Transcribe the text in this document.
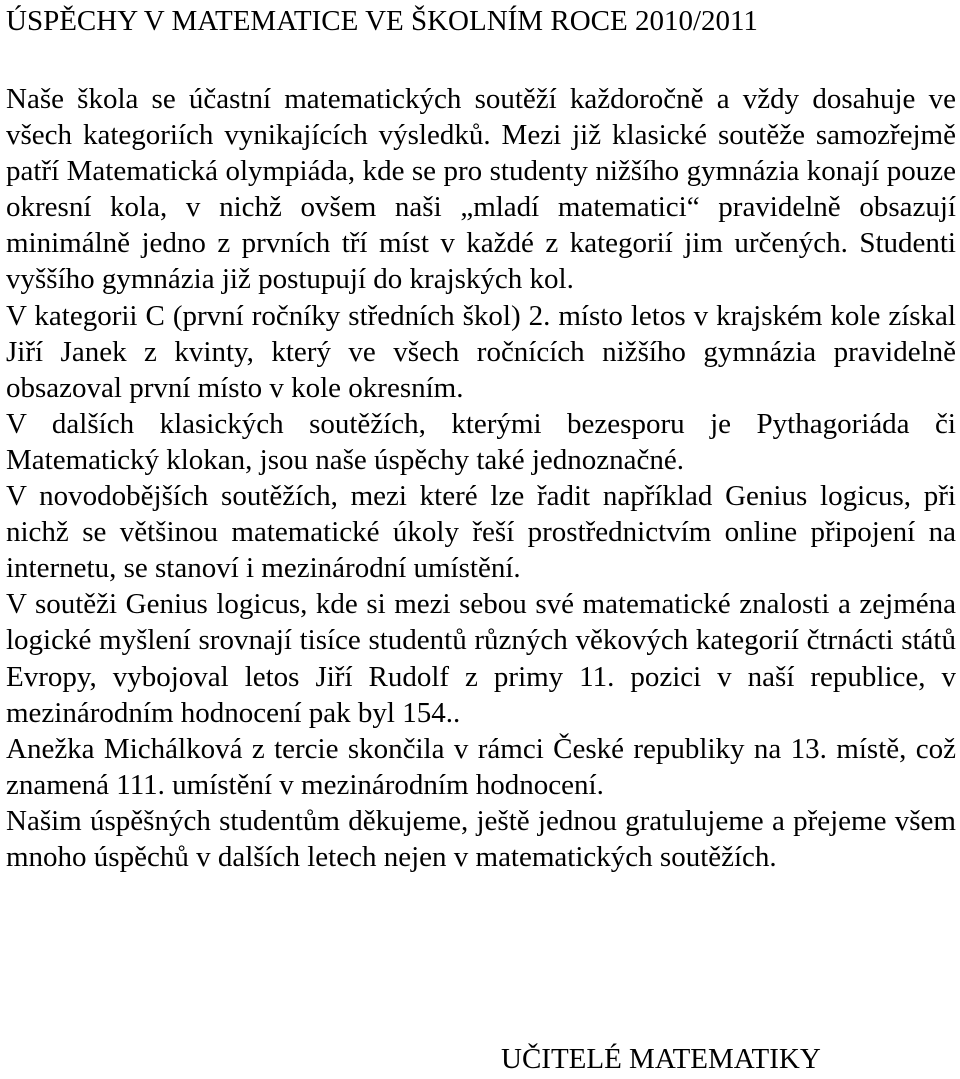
ÚSPĚCHY V MATEMATICE VE ŠKOLNÍM ROCE 2010/2011

Naše škola se účastní matematických soutěží každoročně a vždy dosahuje ve všech kategoriích vynikajících výsledků. Mezi již klasické soutěže samozřejmě patří Matematická olympiáda, kde se pro studenty nižšího gymnázia konají pouze okresní kola, v nichž ovšem naši „mladí matematici“ pravidelně obsazují minimálně jedno z prvních tří míst v každé z kategorií jim určených. Studenti vyššího gymnázia již postupují do krajských kol.

V kategorii C (první ročníky středních škol) 2. místo letos v krajském kole získal Jiří Janek z kvinty, který ve všech ročnících nižšího gymnázia pravidelně obsazoval první místo v kole okresním.

V dalších klasických soutěžích, kterými bezesporu je Pythagoriáda či Matematický klokan, jsou naše úspěchy také jednoznačné.

V novodobějších soutěžích, mezi které lze řadit například Genius logicus, při nichž se většinou matematické úkoly řeší prostřednictvím online připojení na internetu, se stanoví i mezinárodní umístění.

V soutěži Genius logicus, kde si mezi sebou své matematické znalosti a zejména logické myšlení srovnají tisíce studentů různých věkových kategorií čtrnácti států Evropy, vybojoval letos Jiří Rudolf z primy 11. pozici v naší republice, v mezinárodním hodnocení pak byl 154..

Anežka Michálková z tercie skončila v rámci České republiky na 13. místě, což znamená 111. umístění v mezinárodním hodnocení.

Našim úspěšných studentům děkujeme, ještě jednou gratulujeme a přejeme všem mnoho úspěchů v dalších letech nejen v matematických soutěžích.

UČITELÉ MATEMATIKY
